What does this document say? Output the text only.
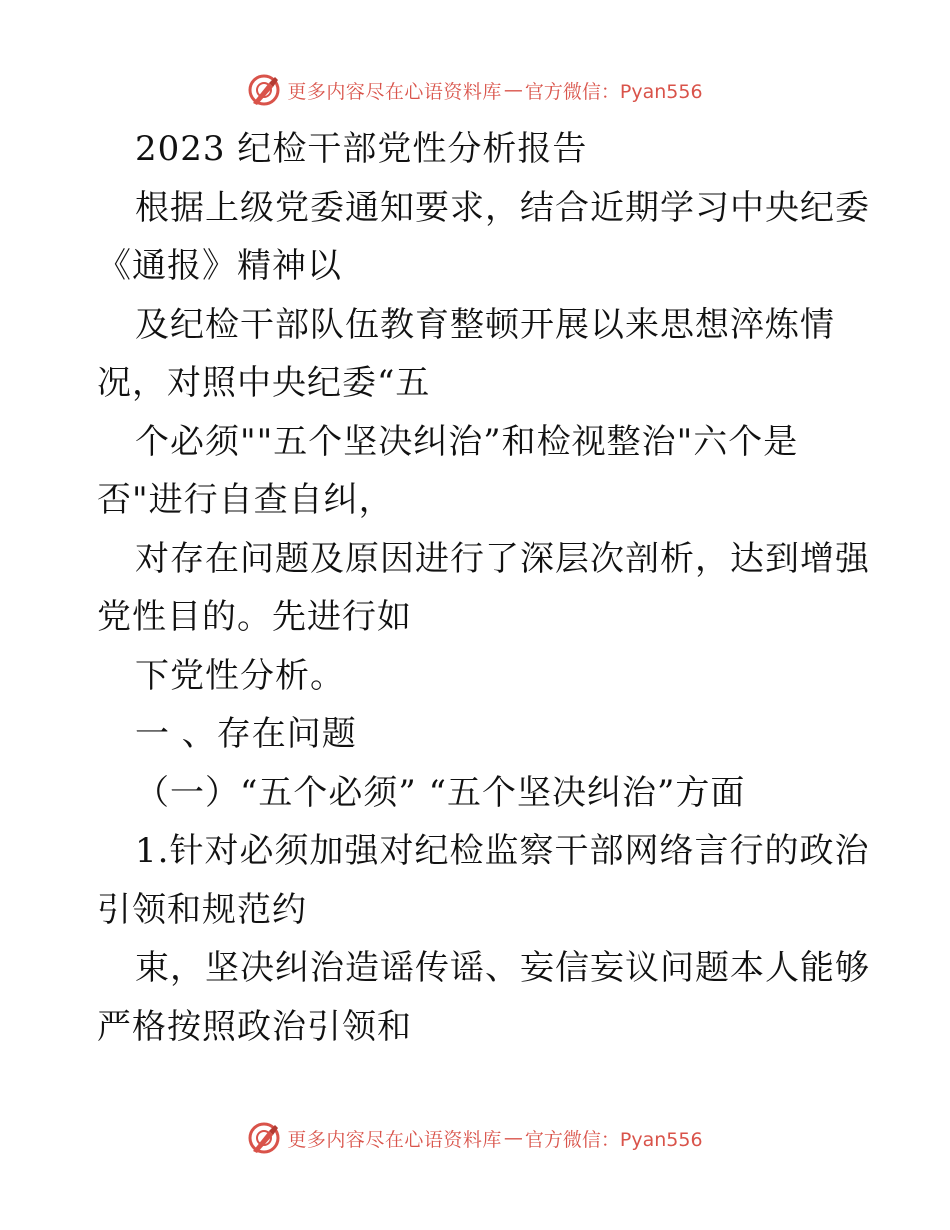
更多内容尽在心语资料库 — 官方微信：Pyan556
2023 纪检干部党性分析报告
根据上级党委通知要求，结合近期学习中央纪委
《通报》精神以
及纪检干部队伍教育整顿开展以来思想淬炼情
况，对照中央纪委“五
个必须""五个坚决纠治”和检视整治"六个是
否"进行自查自纠，
对存在问题及原因进行了深层次剖析，达到增强
党性目的。先进行如
下党性分析。
一 、存在问题
（一）“五个必须” “五个坚决纠治”方面
1.针对必须加强对纪检监察干部网络言行的政治
引领和规范约
束，坚决纠治造谣传谣、妄信妄议问题本人能够
严格按照政治引领和
更多内容尽在心语资料库 — 官方微信：Pyan556
